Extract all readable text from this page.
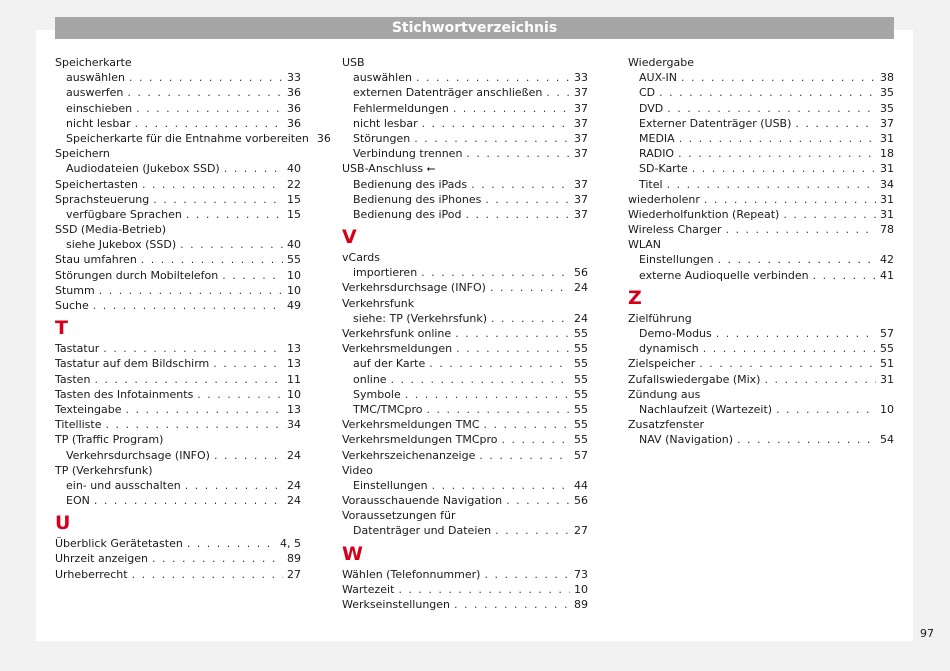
Stichwortverzeichnis
Speicherkarte
auswählen . . .	33
auswerfen . . .	36
einschieben . . .	36
nicht lesbar . . .	36
Speicherkarte für die Entnahme vorbereiten 36
Speichern
Audiodateien (Jukebox SSD) . . .	40
Speichertasten . . .	22
Sprachsteuerung . . .	15
verfügbare Sprachen . . .	15
SSD (Media-Betrieb)
siehe Jukebox (SSD) . . .	40
Stau umfahren . . .	55
Störungen durch Mobiltelefon . . .	10
Stumm . . .	10
Suche . . .	49
T
Tastatur . . .	13
Tastatur auf dem Bildschirm . . .	13
Tasten . . .	11
Tasten des Infotainments . . .	10
Texteingabe . . .	13
Titelliste . . .	34
TP (Traffic Program)
Verkehrsdurchsage (INFO) . . .	24
TP (Verkehrsfunk)
ein- und ausschalten . . .	24
EON . . .	24
U
Überblick Gerätetasten . . .	4, 5
Uhrzeit anzeigen . . .	89
Urheberrecht . . .	27
USB
auswählen . . .	33
externen Datenträger anschließen . . .	37
Fehlermeldungen . . .	37
nicht lesbar . . .	37
Störungen . . .	37
Verbindung trennen . . .	37
USB-Anschluss ⭠
Bedienung des iPads . . .	37
Bedienung des iPhones . . .	37
Bedienung des iPod . . .	37
V
vCards
importieren . . .	56
Verkehrsdurchsage (INFO) . . .	24
Verkehrsfunk
siehe: TP (Verkehrsfunk) . . .	24
Verkehrsfunk online . . .	55
Verkehrsmeldungen . . .	55
auf der Karte . . .	55
online . . .	55
Symbole . . .	55
TMC/TMCpro . . .	55
Verkehrsmeldungen TMC . . .	55
Verkehrsmeldungen TMCpro . . .	55
Verkehrszeichenanzeige . . .	57
Video
Einstellungen . . .	44
Vorausschauende Navigation . . .	56
Voraussetzungen für
Datenträger und Dateien . . .	27
W
Wählen (Telefonnummer) . . .	73
Wartezeit . . .	10
Werkseinstellungen . . .	89
Wiedergabe
AUX-IN . . .	38
CD . . .	35
DVD . . .	35
Externer Datenträger (USB) . . .	37
MEDIA . . .	31
RADIO . . .	18
SD-Karte . . .	31
Titel . . .	34
wiederholenr . . .	31
Wiederholfunktion (Repeat) . . .	31
Wireless Charger . . .	78
WLAN
Einstellungen . . .	42
externe Audioquelle verbinden . . .	41
Z
Zielführung
Demo-Modus . . .	57
dynamisch . . .	55
Zielspeicher . . .	51
Zufallswiedergabe (Mix) . . .	31
Zündung aus
Nachlaufzeit (Wartezeit) . . .	10
Zusatzfenster
NAV (Navigation) . . .	54
97
